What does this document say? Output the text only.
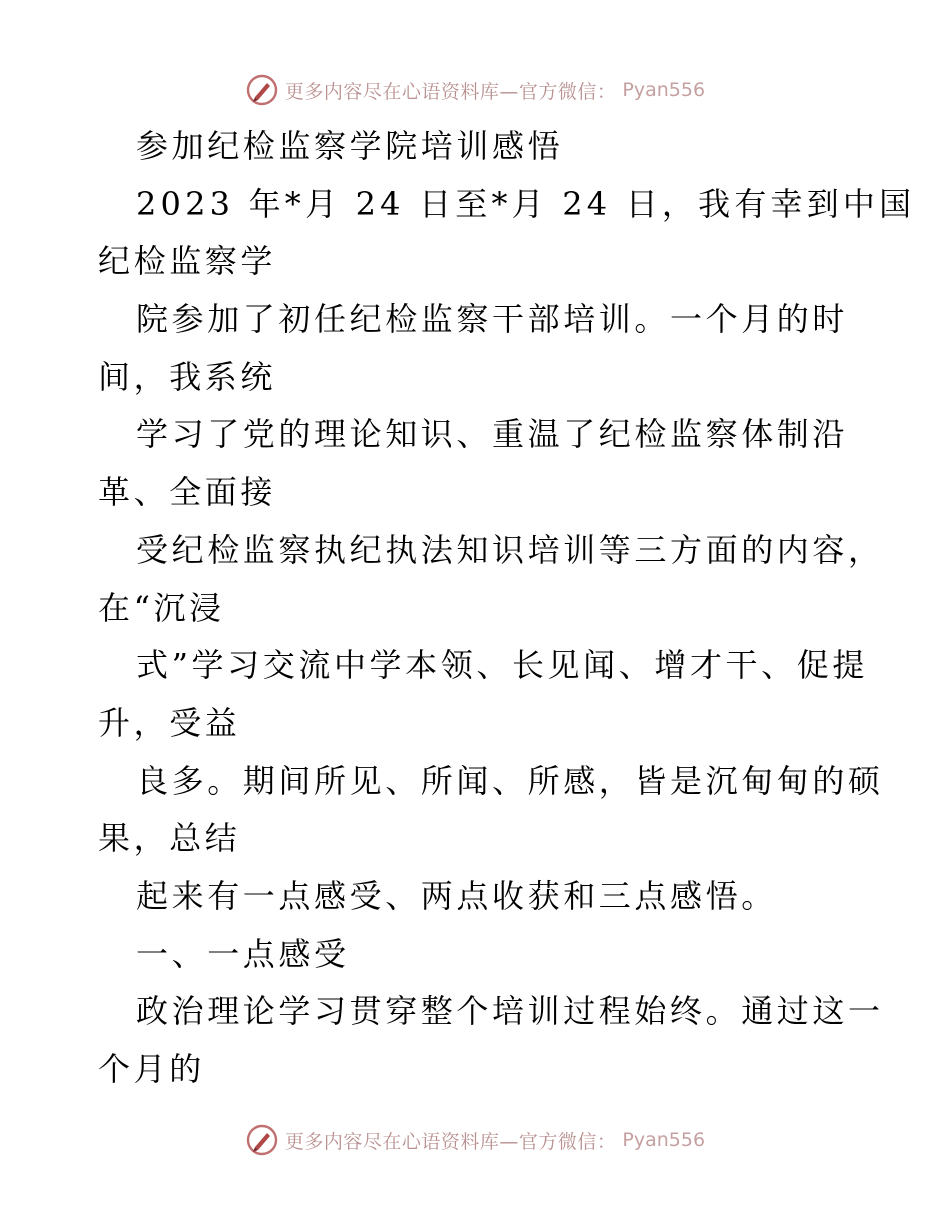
更多内容尽在心语资料库—官方微信： Pyan556
参加纪检监察学院培训感悟
2023 年*月 24 日至*月 24 日，我有幸到中国
纪检监察学
院参加了初任纪检监察干部培训。一个月的时
间，我系统
学习了党的理论知识、重温了纪检监察体制沿
革、全面接
受纪检监察执纪执法知识培训等三方面的内容，
在“沉浸
式”学习交流中学本领、长见闻、增才干、促提
升，受益
良多。期间所见、所闻、所感，皆是沉甸甸的硕
果，总结
起来有一点感受、两点收获和三点感悟。
一、一点感受
政治理论学习贯穿整个培训过程始终。通过这一
个月的
更多内容尽在心语资料库—官方微信： Pyan556
